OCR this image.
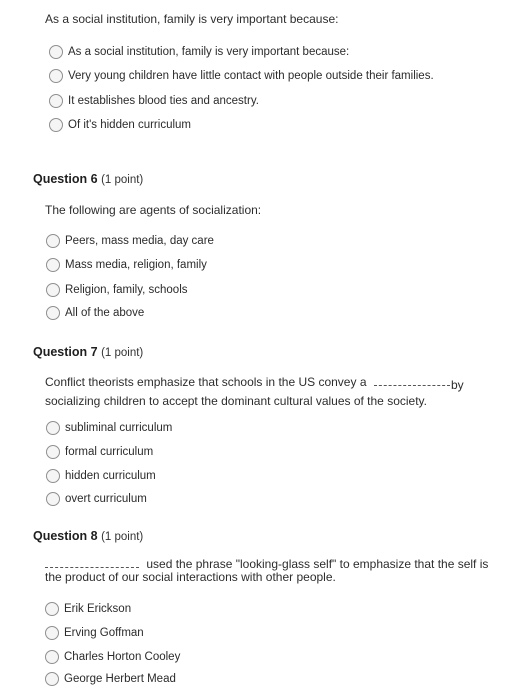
As a social institution, family is very important because:
As a social institution, family is very important because:
Very young children have little contact with people outside their families.
It establishes blood ties and ancestry.
Of it's hidden curriculum
Question 6 (1 point)
The following are agents of socialization:
Peers, mass media, day care
Mass media, religion, family
Religion, family, schools
All of the above
Question 7 (1 point)
Conflict theorists emphasize that schools in the US convey a	by
socializing children to accept the dominant cultural values of the society.
subliminal curriculum
formal curriculum
hidden curriculum
overt curriculum
Question 8 (1 point)
used the phrase "looking-glass self" to emphasize that the self is
the product of our social interactions with other people.
Erik Erickson
Erving Goffman
Charles Horton Cooley
George Herbert Mead
